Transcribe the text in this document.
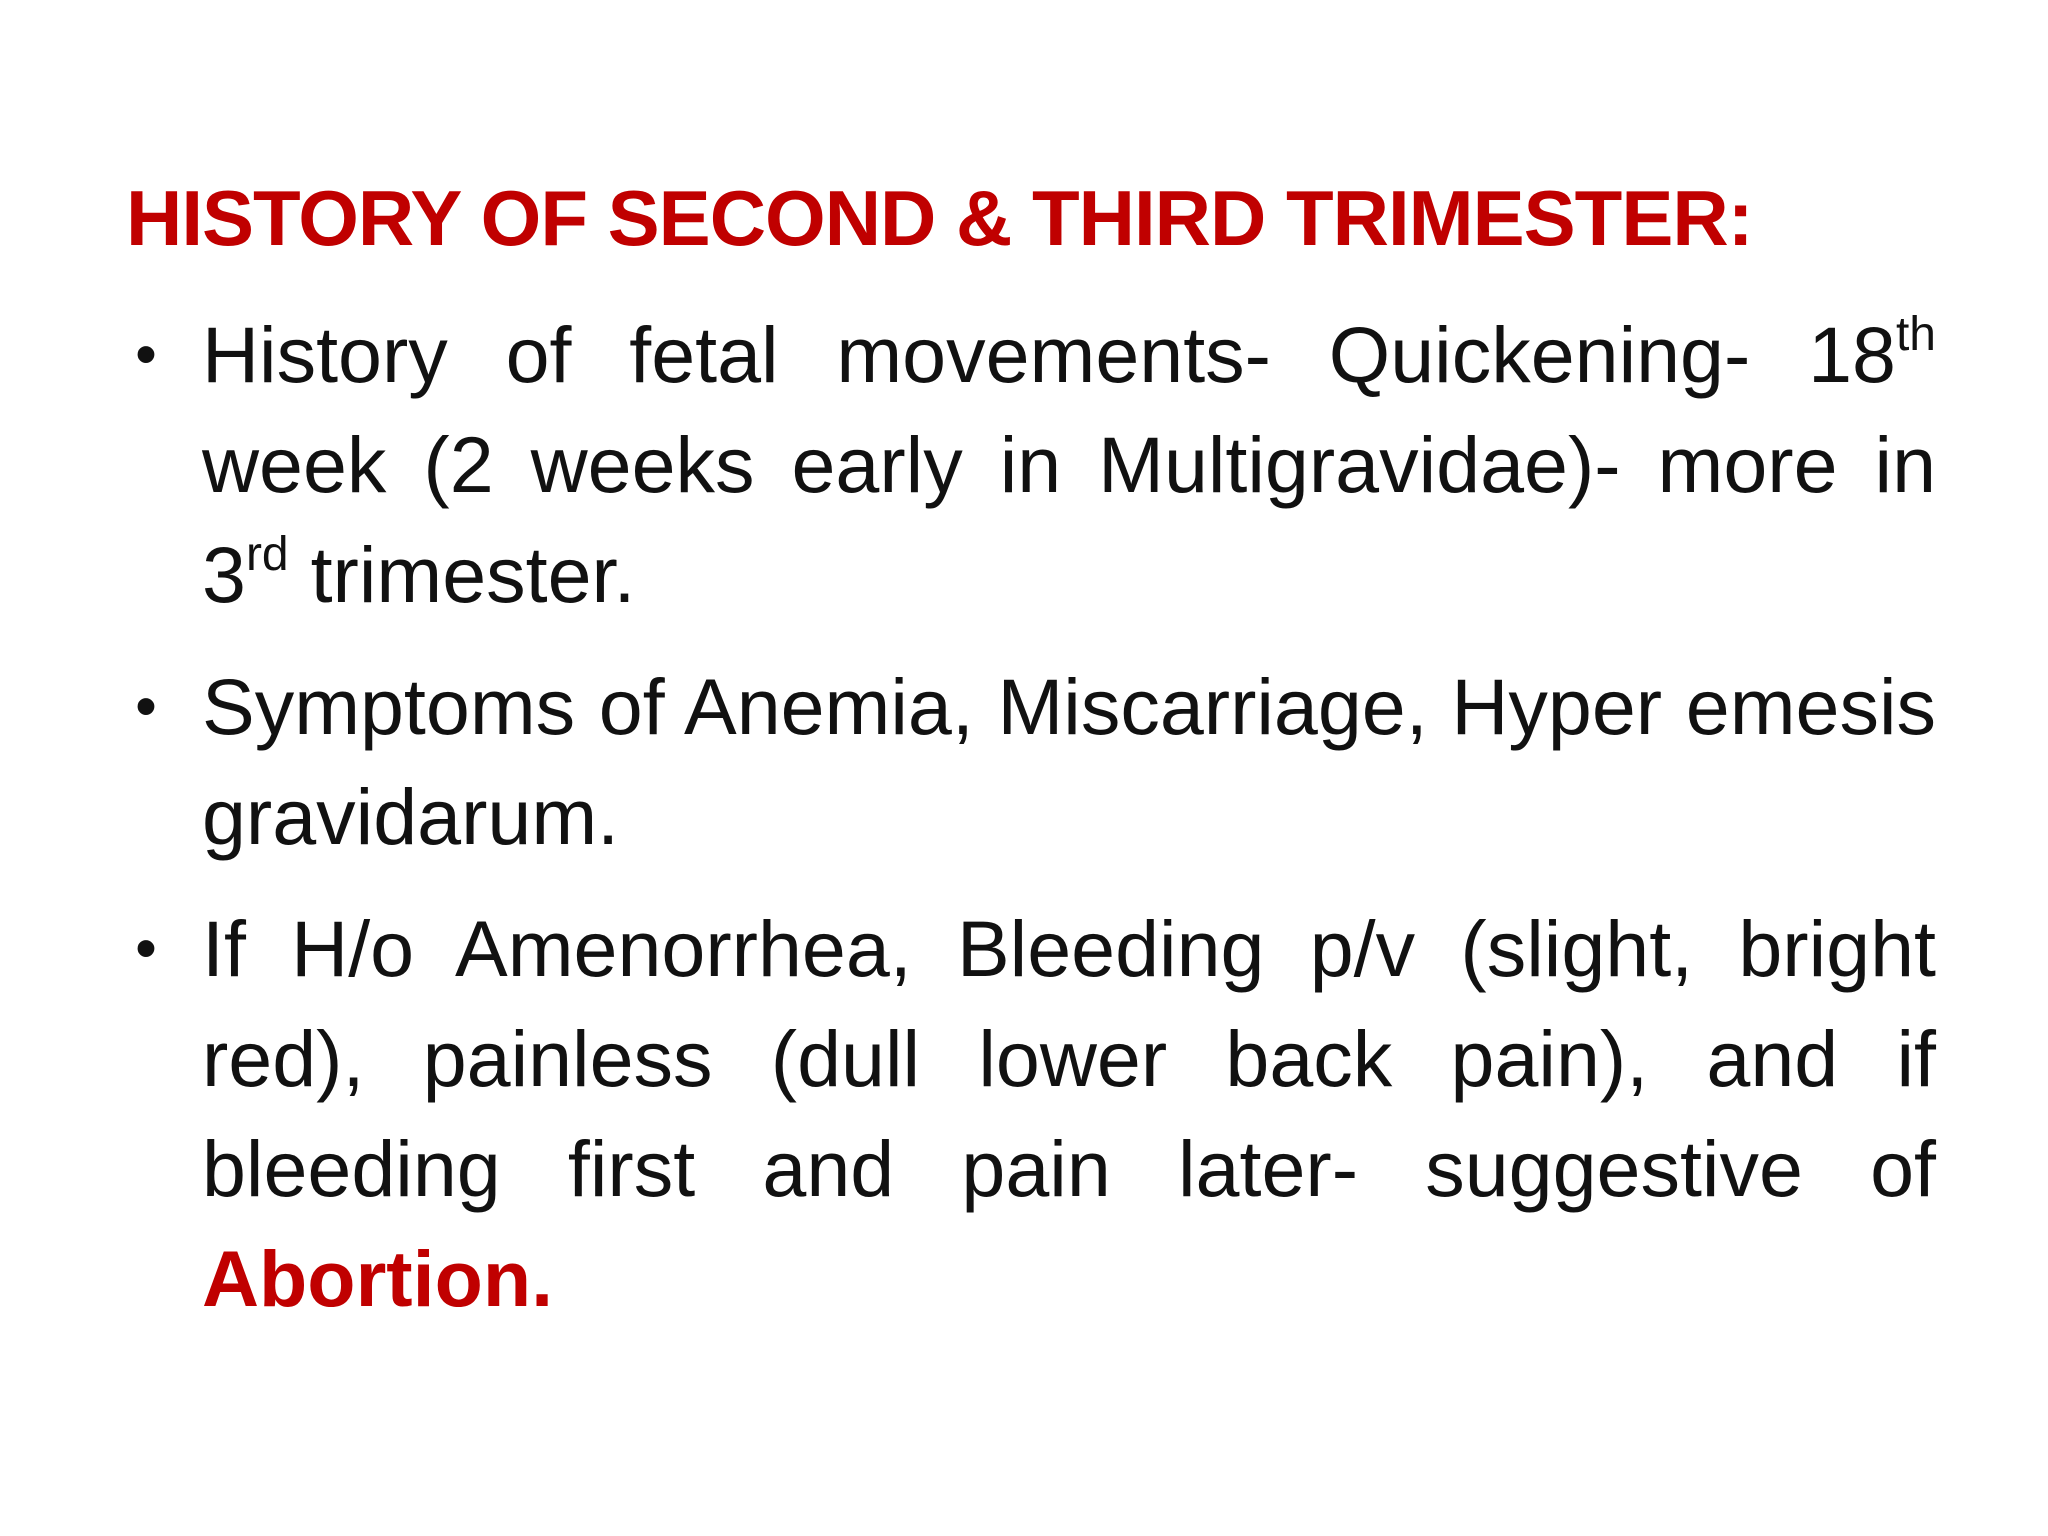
HISTORY OF SECOND & THIRD TRIMESTER:
• History of fetal movements- Quickening- 18th week (2 weeks early in Multigravidae)- more in 3rd trimester.
• Symptoms of Anemia, Miscarriage, Hyper emesis gravidarum.
• If H/o Amenorrhea, Bleeding p/v (slight, bright red), painless (dull lower back pain), and if bleeding first and pain later- suggestive of Abortion.
